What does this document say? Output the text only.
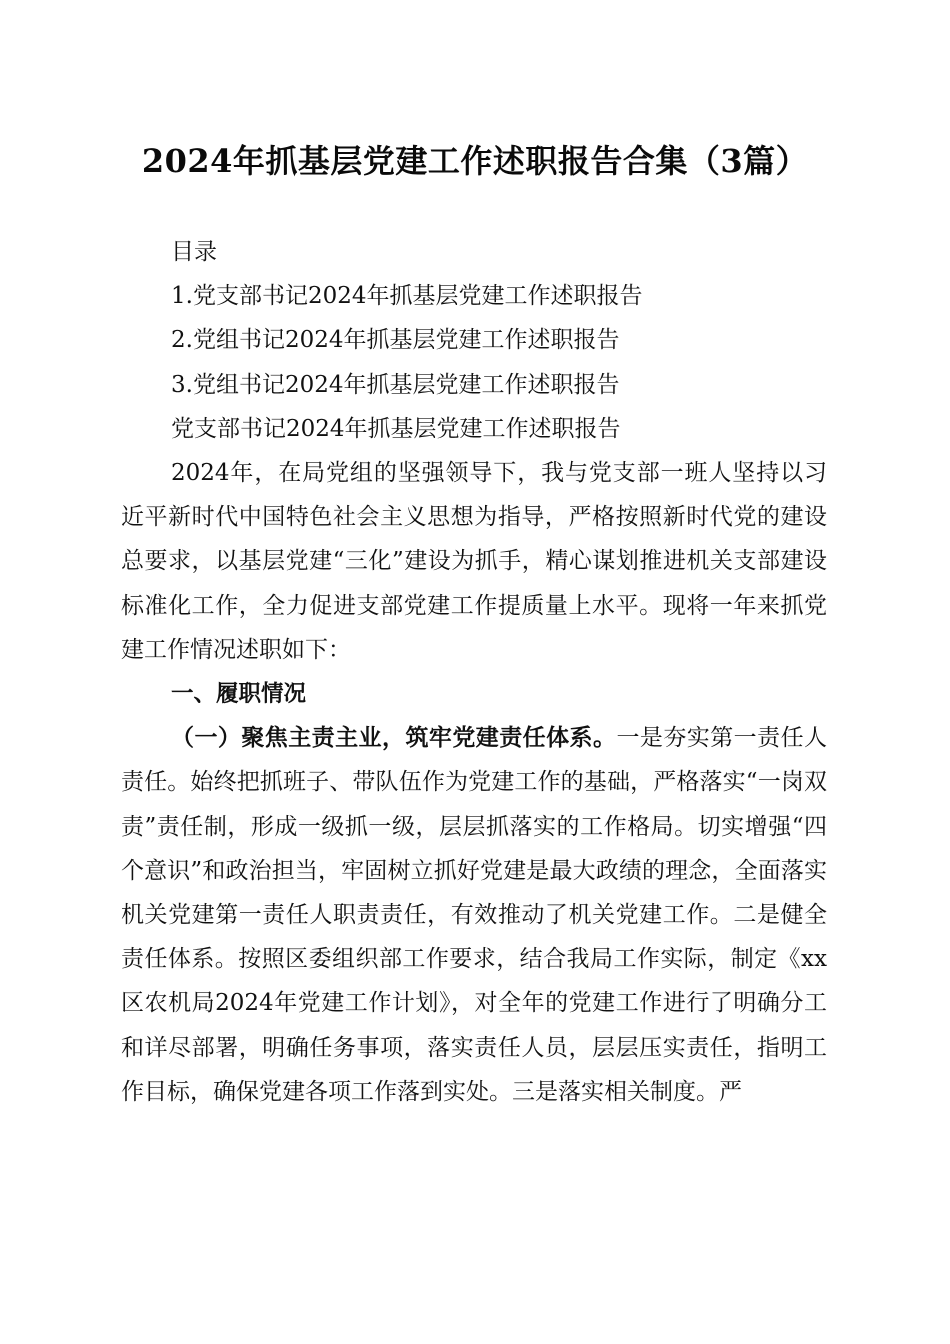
2024年抓基层党建工作述职报告合集（3篇）
目录
1.党支部书记2024年抓基层党建工作述职报告
2.党组书记2024年抓基层党建工作述职报告
3.党组书记2024年抓基层党建工作述职报告
党支部书记2024年抓基层党建工作述职报告

2024年，在局党组的坚强领导下，我与党支部一班人坚持以习近平新时代中国特色社会主义思想为指导，严格按照新时代党的建设总要求，以基层党建“三化”建设为抓手，精心谋划推进机关支部建设标准化工作，全力促进支部党建工作提质量上水平。现将一年来抓党建工作情况述职如下：

一、履职情况

（一）聚焦主责主业，筑牢党建责任体系。一是夯实第一责任人责任。始终把抓班子、带队伍作为党建工作的基础，严格落实“一岗双责”责任制，形成一级抓一级，层层抓落实的工作格局。切实增强“四个意识”和政治担当，牢固树立抓好党建是最大政绩的理念，全面落实机关党建第一责任人职责责任，有效推动了机关党建工作。二是健全责任体系。按照区委组织部工作要求，结合我局工作实际，制定《xx区农机局2024年党建工作计划》，对全年的党建工作进行了明确分工和详尽部署，明确任务事项，落实责任人员，层层压实责任，指明工作目标，确保党建各项工作落到实处。三是落实相关制度。严
